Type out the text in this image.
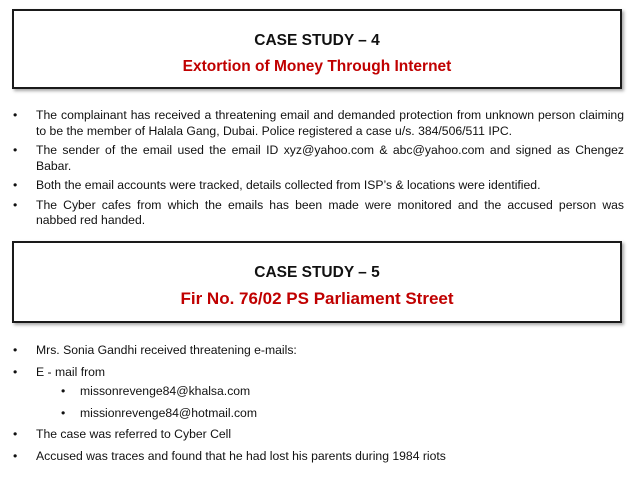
CASE STUDY – 4
Extortion of Money Through Internet
• The complainant has received a threatening email and demanded protection from unknown person claiming to be the member of Halala Gang, Dubai. Police registered a case u/s. 384/506/511 IPC.
• The sender of the email used the email ID xyz@yahoo.com & abc@yahoo.com and signed as Chengez Babar.
• Both the email accounts were tracked, details collected from ISP’s & locations were identified.
• The Cyber cafes from which the emails has been made were monitored and the accused person was nabbed red handed.
CASE STUDY – 5
Fir No. 76/02 PS Parliament Street
• Mrs. Sonia Gandhi received threatening e-mails:
• E - mail from
• missonrevenge84@khalsa.com
• missionrevenge84@hotmail.com
• The case was referred to Cyber Cell
• Accused was traces and found that he had lost his parents during 1984 riots
